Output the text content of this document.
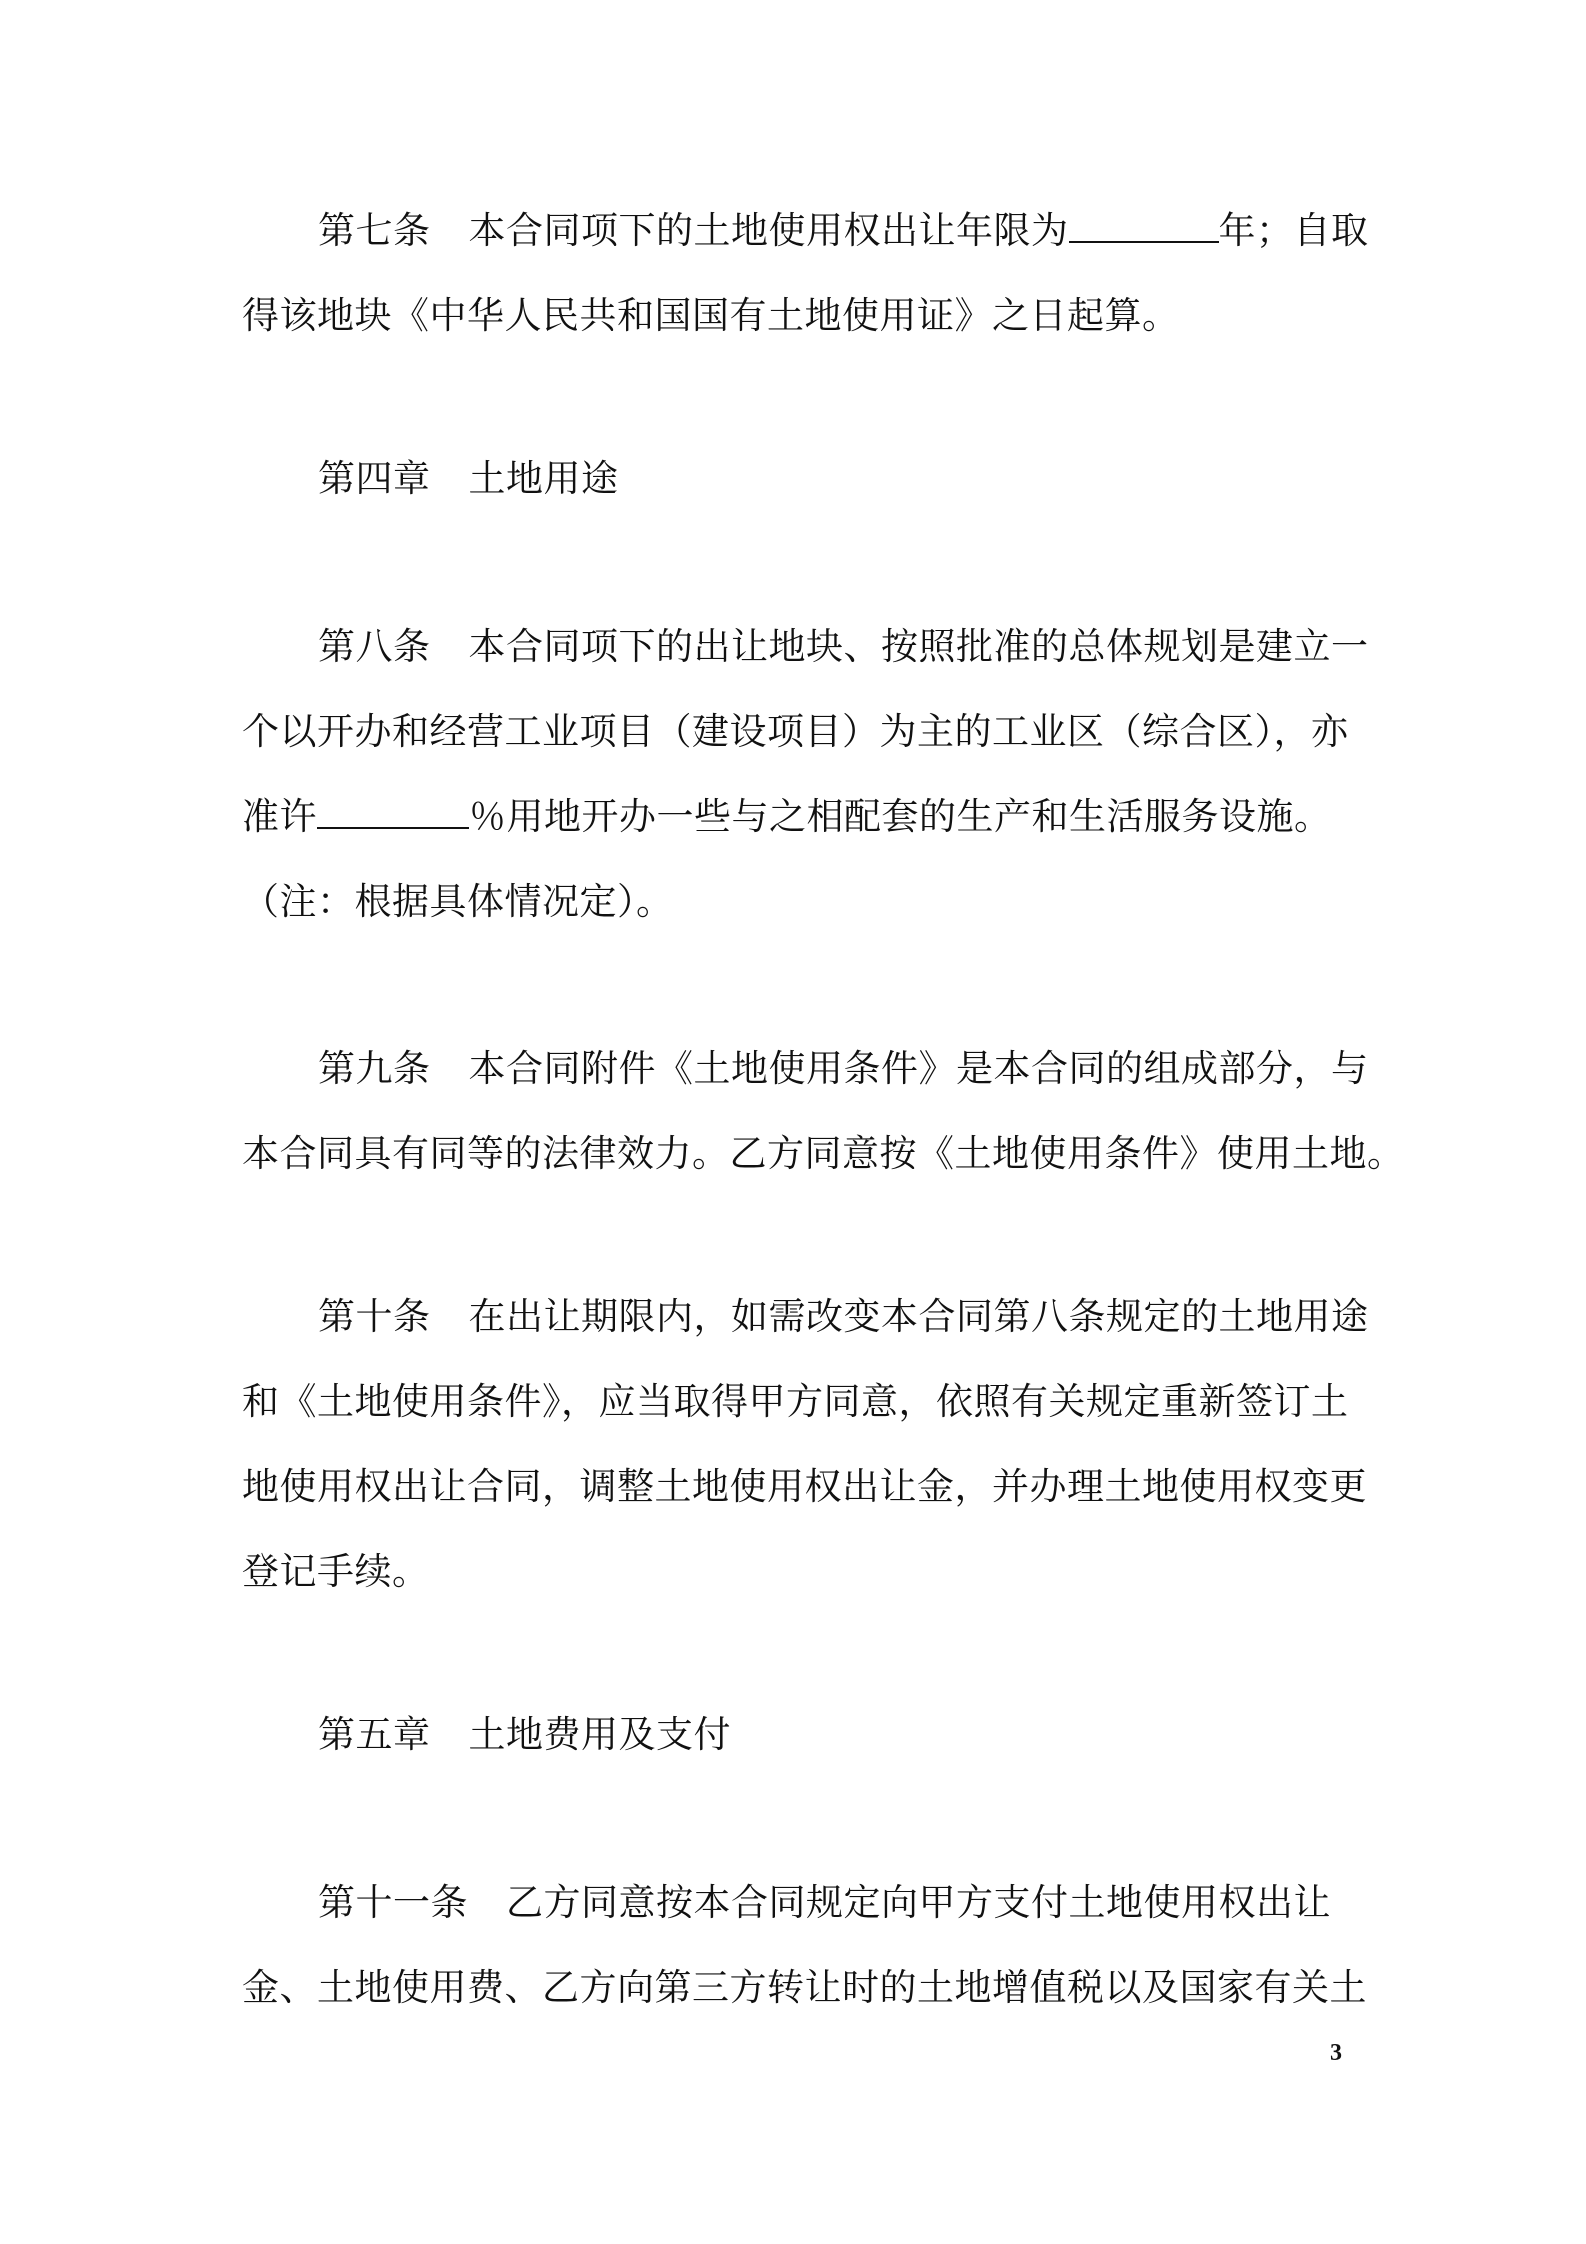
第七条 本合同项下的土地使用权出让年限为	年；自取
得该地块《中华人民共和国国有土地使用证》之日起算。
第四章 土地用途
第八条 本合同项下的出让地块、按照批准的总体规划是建立一
个以开办和经营工业项目（建设项目）为主的工业区（综合区），亦
准许	％用地开办一些与之相配套的生产和生活服务设施。
（注：根据具体情况定）。
第九条 本合同附件《土地使用条件》是本合同的组成部分，与
本合同具有同等的法律效力。乙方同意按《土地使用条件》使用土地。
第十条 在出让期限内，如需改变本合同第八条规定的土地用途
和《土地使用条件》，应当取得甲方同意，依照有关规定重新签订土
地使用权出让合同，调整土地使用权出让金，并办理土地使用权变更
登记手续。
第五章 土地费用及支付
第十一条 乙方同意按本合同规定向甲方支付土地使用权出让
金、土地使用费、乙方向第三方转让时的土地增值税以及国家有关土
3
